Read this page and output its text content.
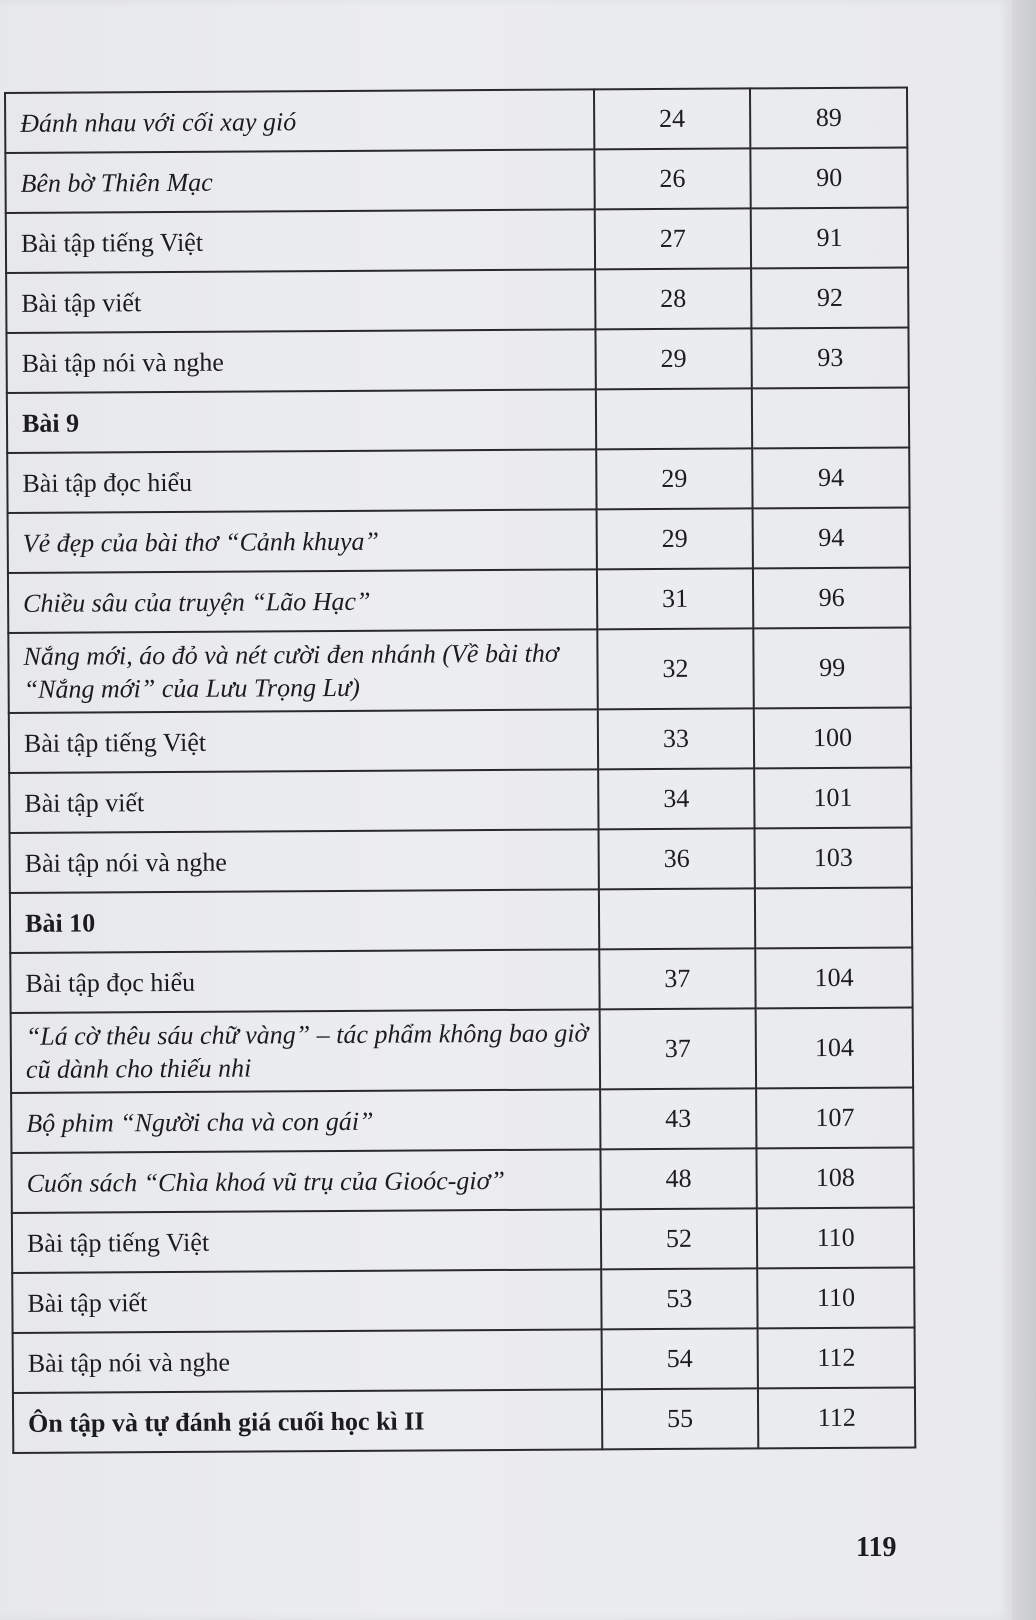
Đánh nhau với cối xay gió	24	89
Bên bờ Thiên Mạc	26	90
Bài tập tiếng Việt	27	91
Bài tập viết	28	92
Bài tập nói và nghe	29	93
Bài 9		
Bài tập đọc hiểu	29	94
Vẻ đẹp của bài thơ “Cảnh khuya”	29	94
Chiều sâu của truyện “Lão Hạc”	31	96
Nắng mới, áo đỏ và nét cười đen nhánh (Về bài thơ “Nắng mới” của Lưu Trọng Lư)	32	99
Bài tập tiếng Việt	33	100
Bài tập viết	34	101
Bài tập nói và nghe	36	103
Bài 10		
Bài tập đọc hiểu	37	104
“Lá cờ thêu sáu chữ vàng” – tác phẩm không bao giờ cũ dành cho thiếu nhi	37	104
Bộ phim “Người cha và con gái”	43	107
Cuốn sách “Chìa khoá vũ trụ của Gioóc-giơ”	48	108
Bài tập tiếng Việt	52	110
Bài tập viết	53	110
Bài tập nói và nghe	54	112
Ôn tập và tự đánh giá cuối học kì II	55	112
119
